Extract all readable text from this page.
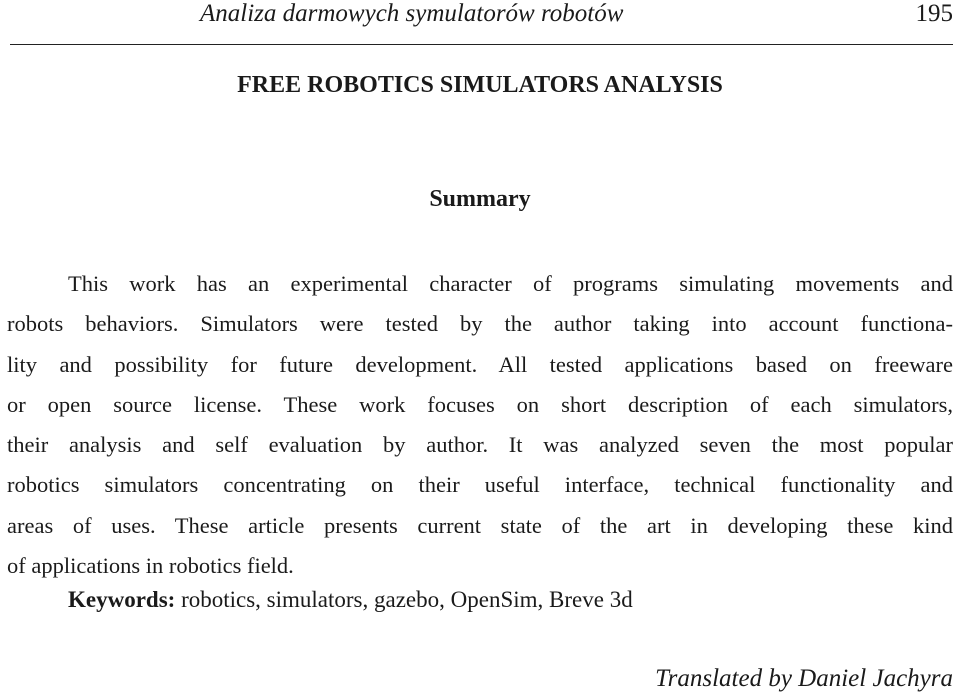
Analiza darmowych symulatorów robotów	195
FREE ROBOTICS SIMULATORS ANALYSIS
Summary
This work has an experimental character of programs simulating movements and
robots behaviors. Simulators were tested by the author taking into account functiona-
lity and possibility for future development. All tested applications based on freeware
or open source license. These work focuses on short description of each simulators,
their analysis and self evaluation by author. It was analyzed seven the most popular
robotics simulators concentrating on their useful interface, technical functionality and
areas of uses. These article presents current state of the art in developing these kind
of applications in robotics field.
Keywords: robotics, simulators, gazebo, OpenSim, Breve 3d
Translated by Daniel Jachyra
